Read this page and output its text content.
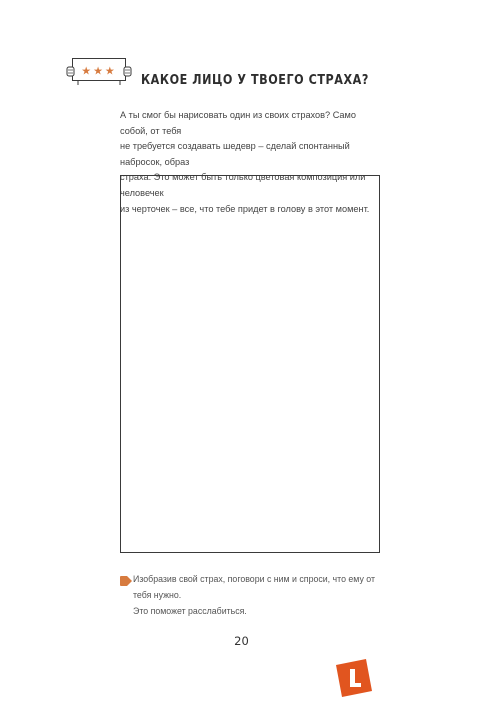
★★★
КАКОЕ ЛИЦО У ТВОЕГО СТРАХА?

А ты смог бы нарисовать один из своих страхов? Само собой, от тебя
не требуется создавать шедевр – сделай спонтанный набросок, образ
страха. Это может быть только цветовая композиция или человечек
из черточек – все, что тебе придет в голову в этот момент.

Изобразив свой страх, поговори с ним и спроси, что ему от тебя нужно.
Это поможет расслабиться.

20
